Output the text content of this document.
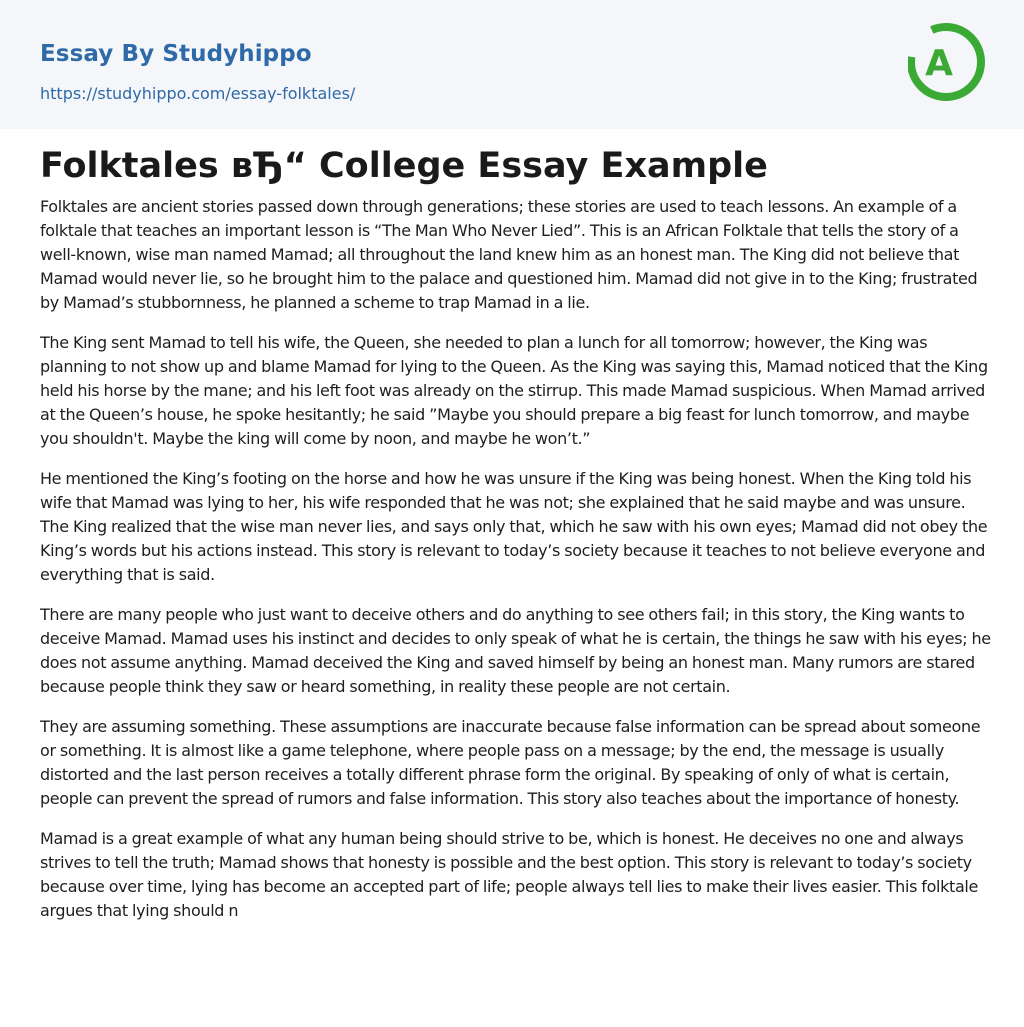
Essay By Studyhippo
https://studyhippo.com/essay-folktales/
A
Folktales вЂ“ College Essay Example

Folktales are ancient stories passed down through generations; these stories are used to teach lessons. An example of a folktale that teaches an important lesson is “The Man Who Never Lied”. This is an African Folktale that tells the story of a well-known, wise man named Mamad; all throughout the land knew him as an honest man. The King did not believe that Mamad would never lie, so he brought him to the palace and questioned him. Mamad did not give in to the King; frustrated by Mamad’s stubbornness, he planned a scheme to trap Mamad in a lie.

The King sent Mamad to tell his wife, the Queen, she needed to plan a lunch for all tomorrow; however, the King was planning to not show up and blame Mamad for lying to the Queen. As the King was saying this, Mamad noticed that the King held his horse by the mane; and his left foot was already on the stirrup. This made Mamad suspicious. When Mamad arrived at the Queen’s house, he spoke hesitantly; he said ”Maybe you should prepare a big feast for lunch tomorrow, and maybe you shouldn't. Maybe the king will come by noon, and maybe he won’t.”

He mentioned the King’s footing on the horse and how he was unsure if the King was being honest. When the King told his wife that Mamad was lying to her, his wife responded that he was not; she explained that he said maybe and was unsure. The King realized that the wise man never lies, and says only that, which he saw with his own eyes; Mamad did not obey the King’s words but his actions instead. This story is relevant to today’s society because it teaches to not believe everyone and everything that is said.

There are many people who just want to deceive others and do anything to see others fail; in this story, the King wants to deceive Mamad. Mamad uses his instinct and decides to only speak of what he is certain, the things he saw with his eyes; he does not assume anything. Mamad deceived the King and saved himself by being an honest man. Many rumors are stared because people think they saw or heard something, in reality these people are not certain.

They are assuming something. These assumptions are inaccurate because false information can be spread about someone or something. It is almost like a game telephone, where people pass on a message; by the end, the message is usually distorted and the last person receives a totally different phrase form the original. By speaking of only of what is certain, people can prevent the spread of rumors and false information. This story also teaches about the importance of honesty.

Mamad is a great example of what any human being should strive to be, which is honest. He deceives no one and always strives to tell the truth; Mamad shows that honesty is possible and the best option. This story is relevant to today’s society because over time, lying has become an accepted part of life; people always tell lies to make their lives easier. This folktale argues that lying should n
